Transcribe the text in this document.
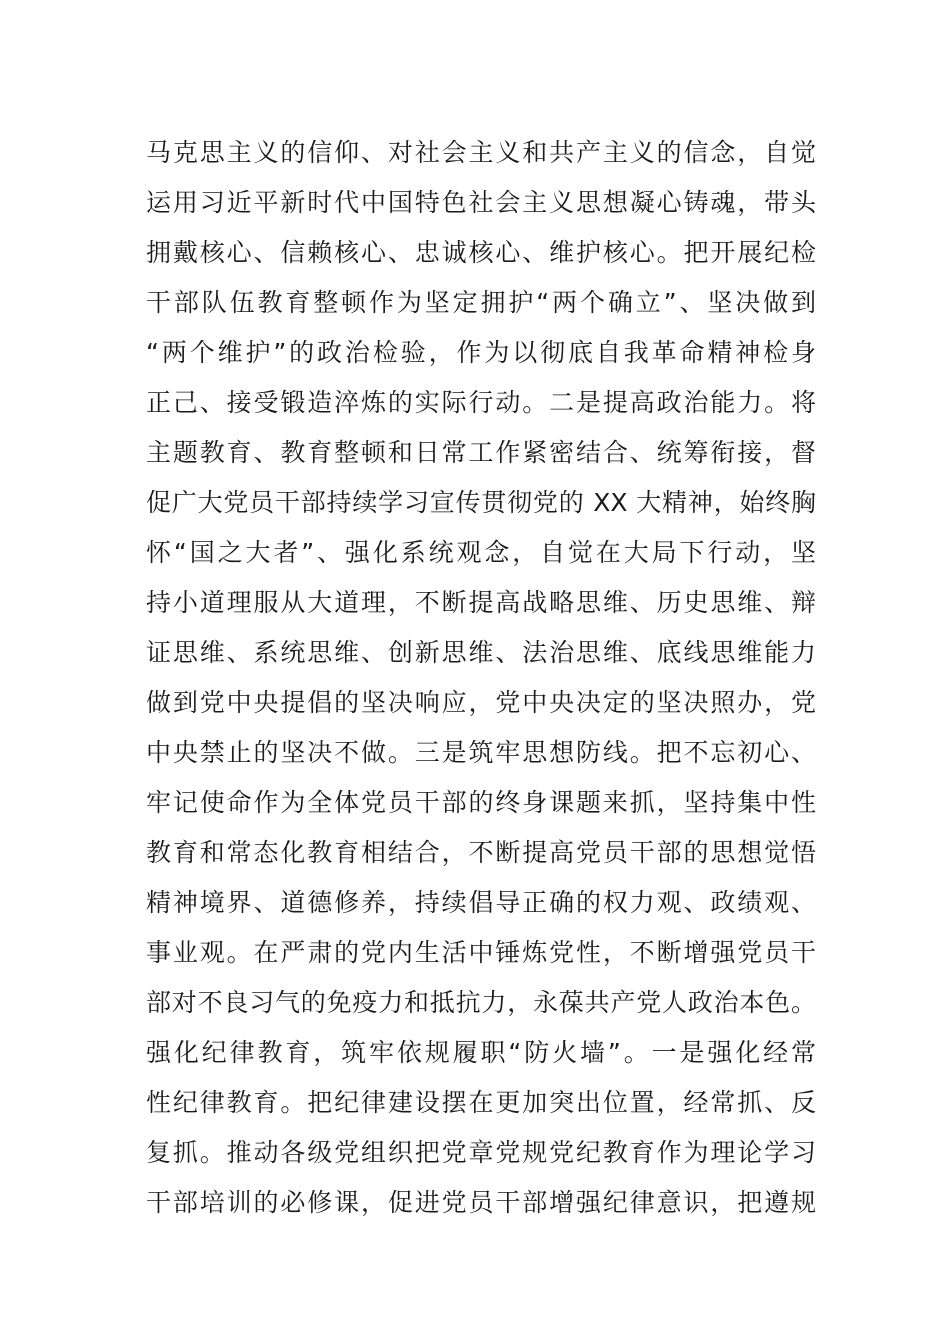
马克思主义的信仰、对社会主义和共产主义的信念，自觉
运用习近平新时代中国特色社会主义思想凝心铸魂，带头
拥戴核心、信赖核心、忠诚核心、维护核心。把开展纪检
干部队伍教育整顿作为坚定拥护“两个确立”、坚决做到
“两个维护”的政治检验，作为以彻底自我革命精神检身
正己、接受锻造淬炼的实际行动。二是提高政治能力。将
主题教育、教育整顿和日常工作紧密结合、统筹衔接，督
促广大党员干部持续学习宣传贯彻党的 XX 大精神，始终胸
怀“国之大者”、强化系统观念，自觉在大局下行动，坚
持小道理服从大道理，不断提高战略思维、历史思维、辩
证思维、系统思维、创新思维、法治思维、底线思维能力
做到党中央提倡的坚决响应，党中央决定的坚决照办，党
中央禁止的坚决不做。三是筑牢思想防线。把不忘初心、
牢记使命作为全体党员干部的终身课题来抓，坚持集中性
教育和常态化教育相结合，不断提高党员干部的思想觉悟
精神境界、道德修养，持续倡导正确的权力观、政绩观、
事业观。在严肃的党内生活中锤炼党性，不断增强党员干
部对不良习气的免疫力和抵抗力，永葆共产党人政治本色。
强化纪律教育，筑牢依规履职“防火墙”。一是强化经常
性纪律教育。把纪律建设摆在更加突出位置，经常抓、反
复抓。推动各级党组织把党章党规党纪教育作为理论学习
干部培训的必修课，促进党员干部增强纪律意识，把遵规
